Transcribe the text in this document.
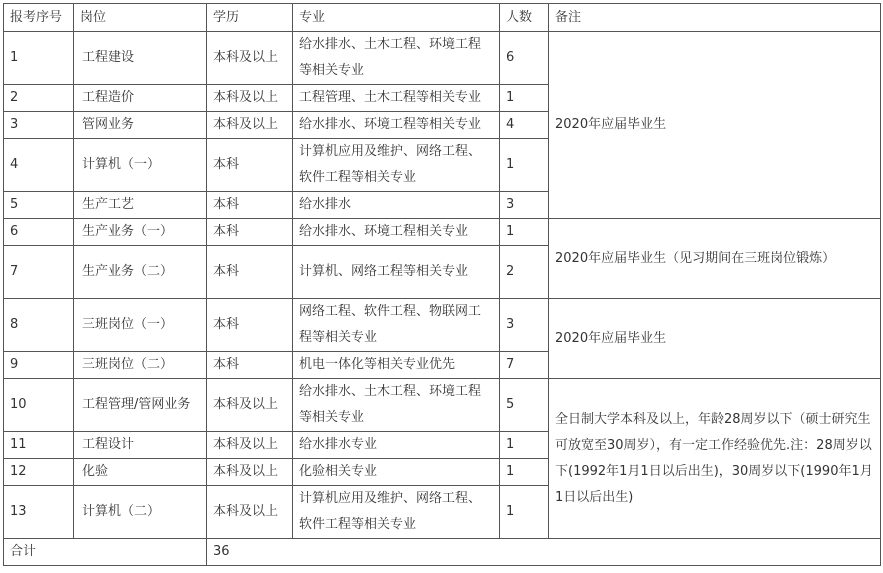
报考序号	岗位	学历	专业	人数	备注
1	工程建设	本科及以上	给水排水、土木工程、环境工程等相关专业	6	2020年应届毕业生
2	工程造价	本科及以上	工程管理、土木工程等相关专业	1	
3	管网业务	本科及以上	给水排水、环境工程等相关专业	4	
4	计算机（一）	本科	计算机应用及维护、网络工程、软件工程等相关专业	1	
5	生产工艺	本科	给水排水	3	
6	生产业务（一）	本科	给水排水、环境工程相关专业	1	2020年应届毕业生（见习期间在三班岗位锻炼）
7	生产业务（二）	本科	计算机、网络工程等相关专业	2	
8	三班岗位（一）	本科	网络工程、软件工程、物联网工程等相关专业	3	2020年应届毕业生
9	三班岗位（二）	本科	机电一体化等相关专业优先	7	
10	工程管理/管网业务	本科及以上	给水排水、土木工程、环境工程等相关专业	5	全日制大学本科及以上，年龄28周岁以下（硕士研究生可放宽至30周岁），有一定工作经验优先.注：28周岁以下(1992年1月1日以后出生)，30周岁以下(1990年1月1日以后出生)
11	工程设计	本科及以上	给水排水专业	1	
12	化验	本科及以上	化验相关专业	1	
13	计算机（二）	本科及以上	计算机应用及维护、网络工程、软件工程等相关专业	1	
合计		36			
